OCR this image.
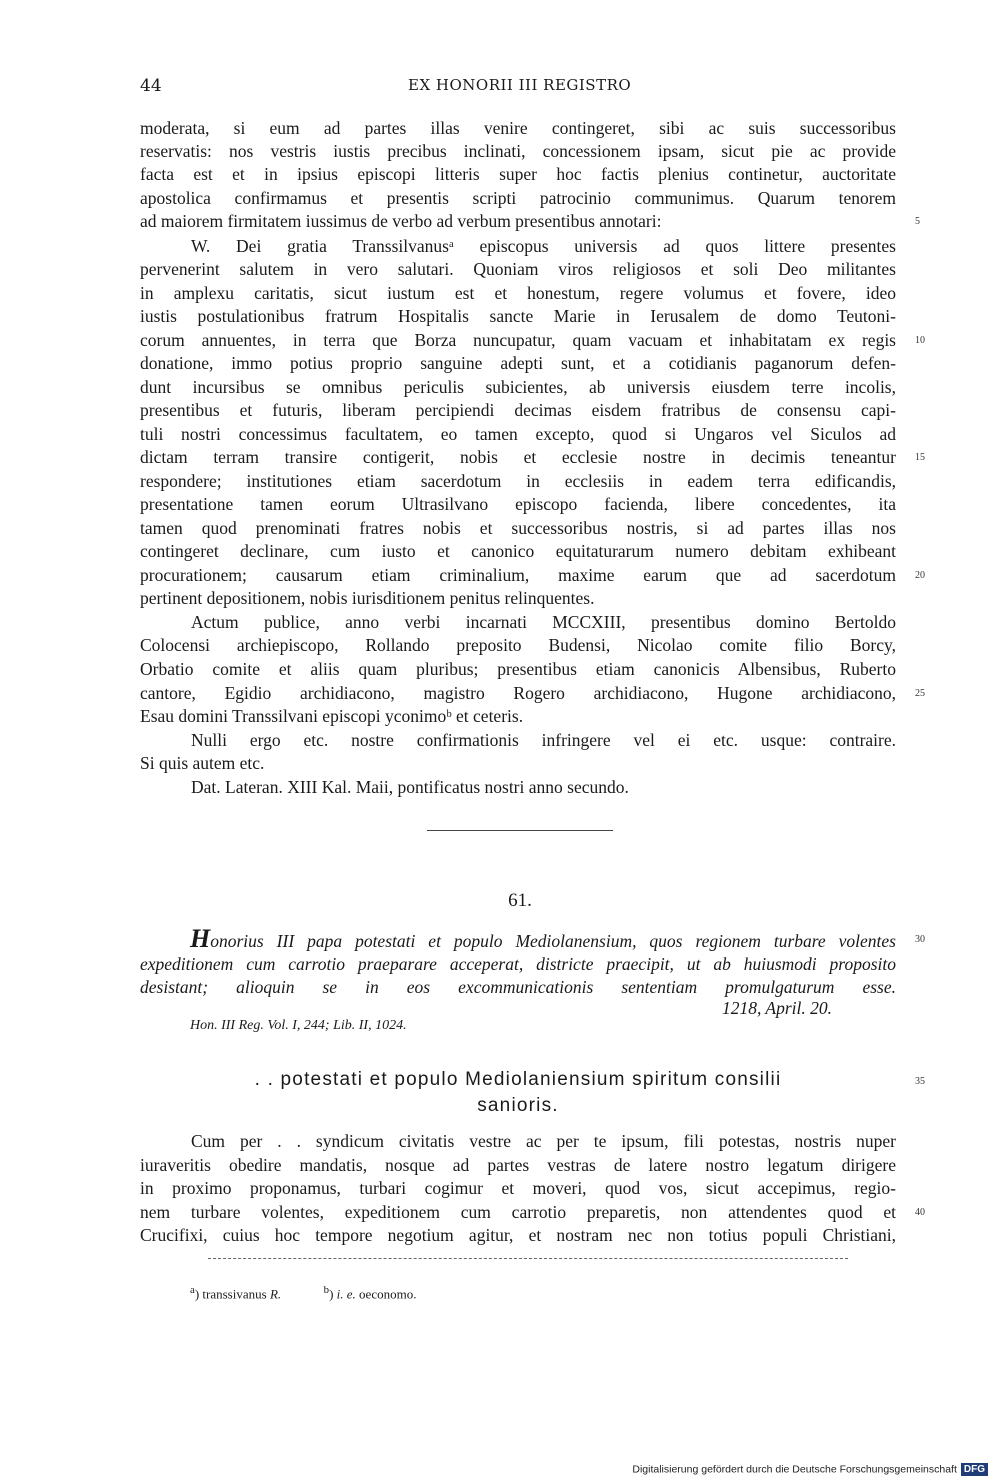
44	EX HONORII III REGISTRO
moderata, si eum ad partes illas venire contingeret, sibi ac suis successoribus
reservatis: nos vestris iustis precibus inclinati, concessionem ipsam, sicut pie ac provide
facta est et in ipsius episcopi litteris super hoc factis plenius continetur, auctoritate
apostolica confirmamus et presentis scripti patrocinio communimus. Quarum tenorem
ad maiorem firmitatem iussimus de verbo ad verbum presentibus annotari:
W. Dei gratia Transsilvanusᵃ episcopus universis ad quos littere presentes
pervenerint salutem in vero salutari. Quoniam viros religiosos et soli Deo militantes
in amplexu caritatis, sicut iustum est et honestum, regere volumus et fovere, ideo
iustis postulationibus fratrum Hospitalis sancte Marie in Ierusalem de domo Teutoni-
corum annuentes, in terra que Borza nuncupatur, quam vacuam et inhabitatam ex regis
donatione, immo potius proprio sanguine adepti sunt, et a cotidianis paganorum defen-
dunt incursibus se omnibus periculis subicientes, ab universis eiusdem terre incolis,
presentibus et futuris, liberam percipiendi decimas eisdem fratribus de consensu capi-
tuli nostri concessimus facultatem, eo tamen excepto, quod si Ungaros vel Siculos ad
dictam terram transire contigerit, nobis et ecclesie nostre in decimis teneantur
respondere; institutiones etiam sacerdotum in ecclesiis in eadem terra edificandis,
presentatione tamen eorum Ultrasilvano episcopo facienda, libere concedentes, ita
tamen quod prenominati fratres nobis et successoribus nostris, si ad partes illas nos
contingeret declinare, cum iusto et canonico equitaturarum numero debitam exhibeant
procurationem; causarum etiam criminalium, maxime earum que ad sacerdotum
pertinent depositionem, nobis iurisditionem penitus relinquentes.
Actum publice, anno verbi incarnati MCCXIII, presentibus domino Bertoldo
Colocensi archiepiscopo, Rollando preposito Budensi, Nicolao comite filio Borcy,
Orbatio comite et aliis quam pluribus; presentibus etiam canonicis Albensibus, Ruberto
cantore, Egidio archidiacono, magistro Rogero archidiacono, Hugone archidiacono,
Esau domini Transsilvani episcopi yconimoᵇ et ceteris.
Nulli ergo etc. nostre confirmationis infringere vel ei etc. usque: contraire.
Si quis autem etc.
Dat. Lateran. XIII Kal. Maii, pontificatus nostri anno secundo.
5
10
15
20
25
30
35
40
61.
Honorius III papa potestati et populo Mediolanensium, quos regionem turbare volentes
expeditionem cum carrotio praeparare acceperat, districte praecipit, ut ab huiusmodi proposito
desistant; alioquin se in eos excommunicationis sententiam promulgaturum esse.
1218, April. 20.
Hon. III Reg. Vol. I, 244; Lib. II, 1024.
. . potestati et populo Mediolaniensium spiritum consilii
sanioris.
Cum per . . syndicum civitatis vestre ac per te ipsum, fili potestas, nostris nuper
iuraveritis obedire mandatis, nosque ad partes vestras de latere nostro legatum dirigere
in proximo proponamus, turbari cogimur et moveri, quod vos, sicut accepimus, regio-
nem turbare volentes, expeditionem cum carrotio preparetis, non attendentes quod et
Crucifixi, cuius hoc tempore negotium agitur, et nostram nec non totius populi Christiani,
$^a$) transsivanus R.	$^b$) i. e. oeconomo.
Digitalisierung gefördert durch die Deutsche Forschungsgemeinschaft DFG
